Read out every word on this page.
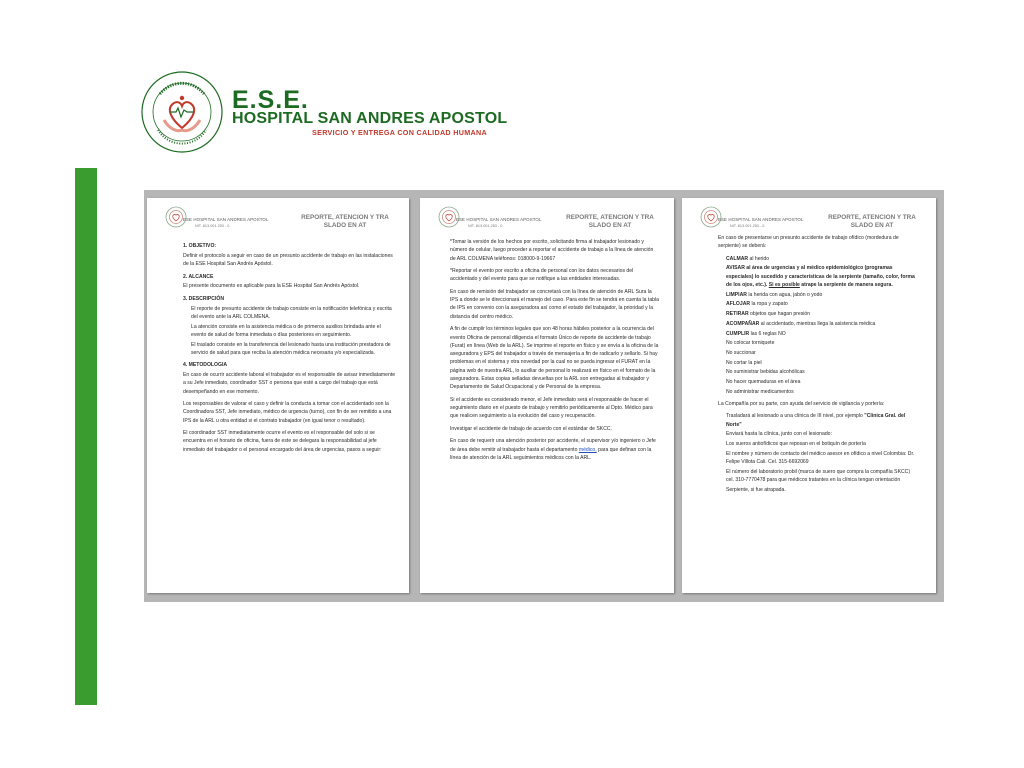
E.S.E.
HOSPITAL SAN ANDRES APOSTOL
SERVICIO Y ENTREGA CON CALIDAD HUMANA
ESE HOSPITAL SAN ANDRES APOSTOL
NIT. 813.001.253 - 0
REPORTE, ATENCION Y TRA SLADO EN AT

1. OBJETIVO:

Definir el protocolo a seguir en caso de un presunto accidente de trabajo en las instalaciones de la ESE Hospital San Andrés Apóstol.

2. ALCANCE

El presente documento es aplicable para la ESE Hospital San Andrés Apóstol.

3. DESCRIPCIÓN

• El reporte de presunto accidente de trabajo consiste en la notificación telefónica y escrita del evento ante la ARL COLMENA.
• La atención consiste en la asistencia médica o de primeros auxilios brindada ante el evento de salud de forma inmediata o días posteriores en seguimiento.
• El traslado consiste en la transferencia del lesionado hasta una institución prestadora de servicio de salud para que reciba la atención médica necesaria y/o especializada.

4. METODOLOGIA

En caso de ocurrir accidente laboral el trabajador es el responsable de avisar inmediatamente a su Jefe inmediato, coordinador SST o persona que esté a cargo del trabajo que está desempeñando en ese momento.

Los responsables de valorar el caso y definir la conducta a tomar con el accidentado son la Coordinadora SST, Jefe inmediato, médico de urgencia (turno), con fin de ser remitido a una IPS de la ARL u otra entidad si el contrato trabajador (en igual tenor o resultado).

El coordinador SST inmediatamente ocurre el evento es el responsable del solo si se encuentra en el horario de oficina, fuera de este se delegara la responsabilidad al jefe inmediato del trabajador o el personal encargado del área de urgencias, pasos a seguir:

ESE HOSPITAL SAN ANDRES APOSTOL
NIT. 813.001.253 - 0
REPORTE, ATENCION Y TRA SLADO EN AT

*Tomar la versión de los hechos por escrito, solicitando firma al trabajador lesionado y número de celular, luego proceder a reportar el accidente de trabajo a la línea de atención de ARL COLMENA teléfonos: 018000-9-19667

*Reportar el evento por escrito a oficina de personal con los datos necesarios del accidentado y del evento para que se notifique a las entidades interesadas.

En caso de remisión del trabajador se concretará con la línea de atención de ARL Sura la IPS a donde se le direccionará el manejo del caso. Para este fin se tendrá en cuenta la tabla de IPS en convenio con la aseguradora así como el estado del trabajador, la prioridad y la distancia del centro médico.

A fin de cumplir los términos legales que son 48 horas hábiles posterior a la ocurrencia del evento Oficina de personal diligencia el formato Único de reporte de accidente de trabajo (Furat) en línea (Web de la ARL). Se imprime el reporte en físico y se envía a la oficina de la aseguradora y EPS del trabajador a través de mensajería a fin de radicarlo y sellarlo. Si hay problemas en el sistema y otra novedad por la cual no se pueda ingresar el FURAT en la página web de nuestra ARL, lo auxiliar de personal lo realizará en físico en el formato de la aseguradora. Estas copias selladas devueltas por la ARL son entregadas al trabajador y Departamento de Salud Ocupacional y de Personal de la empresa.

Si el accidente es considerado menor, el Jefe inmediato será el responsable de hacer el seguimiento diario en el puesto de trabajo y remitirlo periódicamente al Dpto. Médico para que realicen seguimiento a la evolución del caso y recuperación.

Investigar el accidente de trabajo de acuerdo con el estándar de SKCC.

En caso de requerir una atención posterior por accidente, el supervisor y/o ingeniero o Jefe de área debe remitir al trabajador hasta el departamento médico, para que definan con la línea de atención de la ARL seguimientos médicos con la ARL.

ESE HOSPITAL SAN ANDRES APOSTOL
NIT. 813.001.253 - 0
REPORTE, ATENCION Y TRA SLADO EN AT

En caso de presentarse un presunto accidente de trabajo ofídico (mordedura de serpiente) se deberá:

• CALMAR al herido
• AVISAR al área de urgencias y al médico epidemiológico (programas especiales) lo sucedido y características de la serpiente (tamaño, color, forma de los ojos, etc.). Si es posible atrape la serpiente de manera segura.
• LIMPIAR la herida con agua, jabón o yodo
• AFLOJAR la ropa y zapato
• RETIRAR objetos que hagan presión
• ACOMPAÑAR al accidentado, mientras llega la asistencia médica
• CUMPLIR las 6 reglas NO
• No colocar torniquete
• No succionar
• No cortar la piel
• No suministrar bebidas alcohólicas
• No hacer quemaduras en el área
• No administrar medicamentos

La Compañía por su parte, con ayuda del servicio de vigilancia y portería:

• Trasladará al lesionado a una clínica de III nivel, por ejemplo "Clínica Gral. del Norte"
• Enviará hasta la clínica, junto con el lesionado:
• Los sueros antiofídicos que reposan en el botiquín de portería
• El nombre y número de contacto del médico asesor en ofídico a nivel Colombia: Dr. Felipe Villota Cali. Cel. 315-6692069
• El número del laboratorio probil (marca de suero que compra la compañía SKCC) cel. 310-7770478 para que médicos tratantes en la clínica tengan orientación
• Serpiente, si fue atrapada.
